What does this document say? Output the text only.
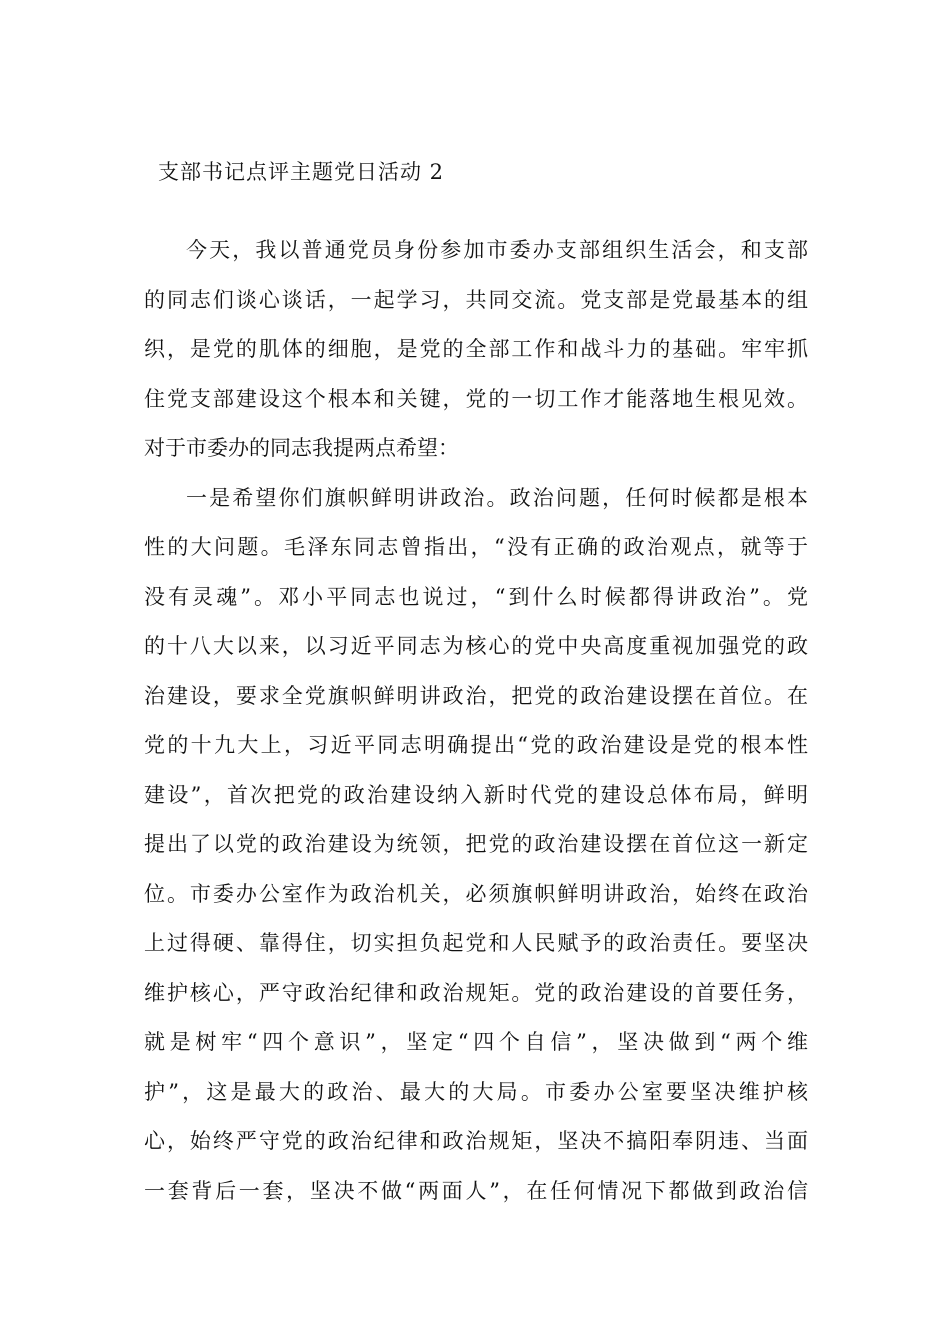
支部书记点评主题党日活动 2
今天，我以普通党员身份参加市委办支部组织生活会，和支部
的同志们谈心谈话，一起学习，共同交流。党支部是党最基本的组
织，是党的肌体的细胞，是党的全部工作和战斗力的基础。牢牢抓
住党支部建设这个根本和关键，党的一切工作才能落地生根见效。
对于市委办的同志我提两点希望：
一是希望你们旗帜鲜明讲政治。政治问题，任何时候都是根本
性的大问题。毛泽东同志曾指出，“没有正确的政治观点，就等于
没有灵魂”。邓小平同志也说过，“到什么时候都得讲政治”。党
的十八大以来，以习近平同志为核心的党中央高度重视加强党的政
治建设，要求全党旗帜鲜明讲政治，把党的政治建设摆在首位。在
党的十九大上，习近平同志明确提出“党的政治建设是党的根本性
建设”，首次把党的政治建设纳入新时代党的建设总体布局，鲜明
提出了以党的政治建设为统领，把党的政治建设摆在首位这一新定
位。市委办公室作为政治机关，必须旗帜鲜明讲政治，始终在政治
上过得硬、靠得住，切实担负起党和人民赋予的政治责任。要坚决
维护核心，严守政治纪律和政治规矩。党的政治建设的首要任务，
就是树牢“四个意识”，坚定“四个自信”，坚决做到“两个维
护”，这是最大的政治、最大的大局。市委办公室要坚决维护核
心，始终严守党的政治纪律和政治规矩，坚决不搞阳奉阴违、当面
一套背后一套，坚决不做“两面人”，在任何情况下都做到政治信
